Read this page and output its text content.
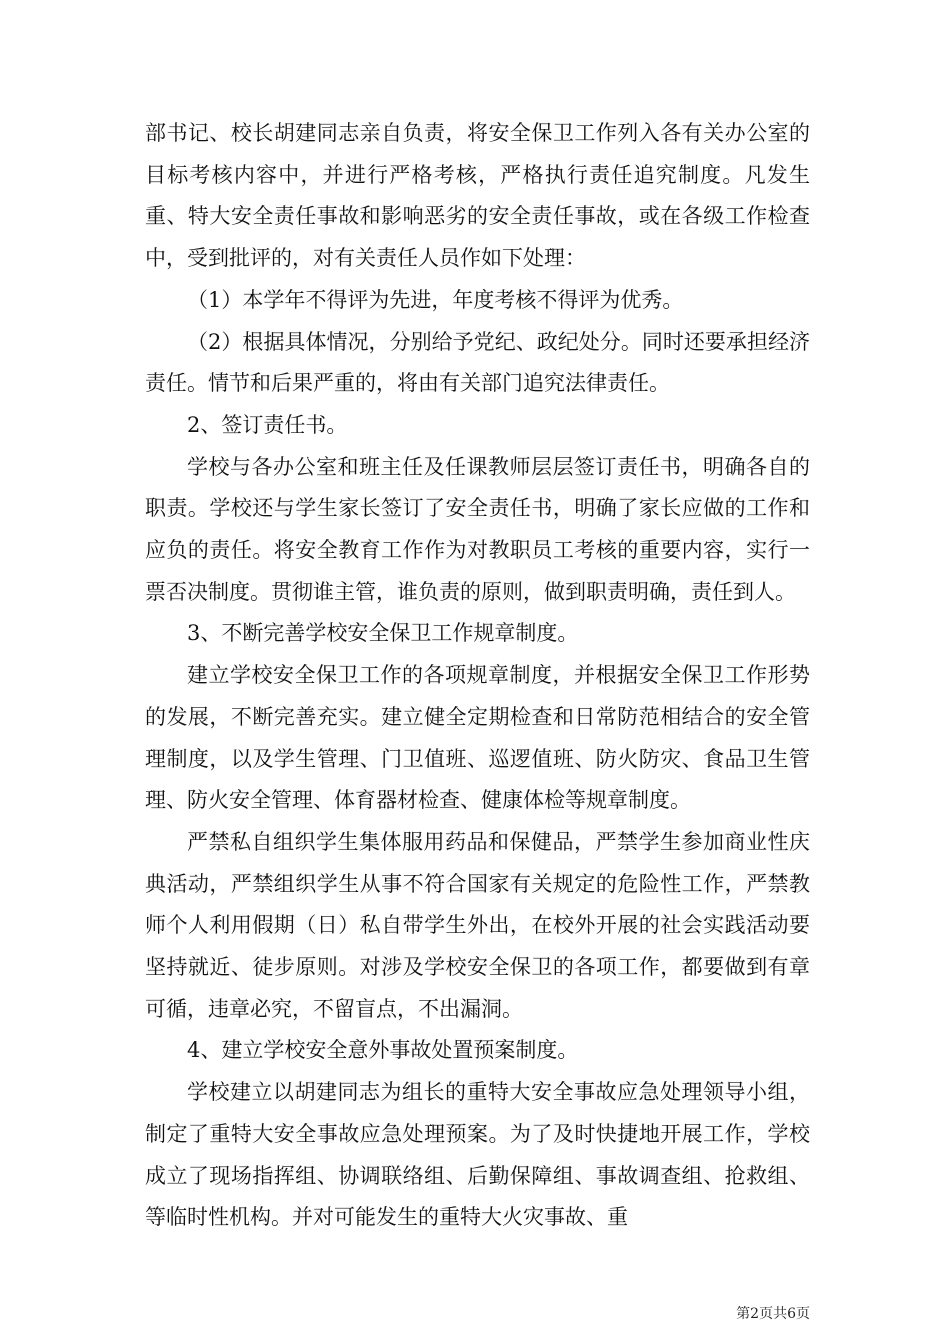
部书记、校长胡建同志亲自负责，将安全保卫工作列入各有关办公室的目标考核内容中，并进行严格考核，严格执行责任追究制度。凡发生重、特大安全责任事故和影响恶劣的安全责任事故，或在各级工作检查中，受到批评的，对有关责任人员作如下处理：

（1）本学年不得评为先进，年度考核不得评为优秀。

（2）根据具体情况，分别给予党纪、政纪处分。同时还要承担经济责任。情节和后果严重的，将由有关部门追究法律责任。

2、签订责任书。

学校与各办公室和班主任及任课教师层层签订责任书，明确各自的职责。学校还与学生家长签订了安全责任书，明确了家长应做的工作和应负的责任。将安全教育工作作为对教职员工考核的重要内容，实行一票否决制度。贯彻谁主管，谁负责的原则，做到职责明确，责任到人。

3、不断完善学校安全保卫工作规章制度。

建立学校安全保卫工作的各项规章制度，并根据安全保卫工作形势的发展，不断完善充实。建立健全定期检查和日常防范相结合的安全管理制度，以及学生管理、门卫值班、巡逻值班、防火防灾、食品卫生管理、防火安全管理、体育器材检查、健康体检等规章制度。

严禁私自组织学生集体服用药品和保健品，严禁学生参加商业性庆典活动，严禁组织学生从事不符合国家有关规定的危险性工作，严禁教师个人利用假期（日）私自带学生外出，在校外开展的社会实践活动要坚持就近、徒步原则。对涉及学校安全保卫的各项工作，都要做到有章可循，违章必究，不留盲点，不出漏洞。

4、建立学校安全意外事故处置预案制度。

学校建立以胡建同志为组长的重特大安全事故应急处理领导小组，制定了重特大安全事故应急处理预案。为了及时快捷地开展工作，学校成立了现场指挥组、协调联络组、后勤保障组、事故调查组、抢救组、等临时性机构。并对可能发生的重特大火灾事故、重

第2页共6页
